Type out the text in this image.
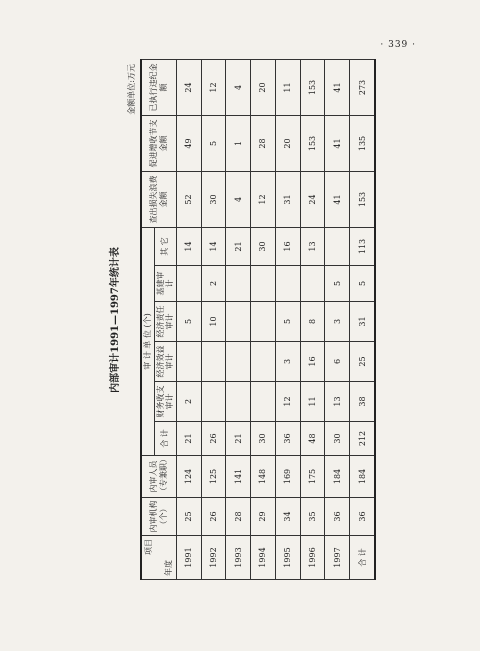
· 339 ·
内部审计1991—1997年统计表
金额单位:万元
项目
年度	内审机构（个）	内审人员（专兼职）	审 计 单 位 (个)						查出损失浪费金额	促进增收节支金额	已执行违纪金额
			合 计	财务收支审计	经济效益审计	经济责任审计	基建审计	其 它			
1991	25	124	21	2		5		14	52	49	24
1992	26	125	26			10	2	14	30	5	12
1993	28	141	21					21	4	1	4
1994	29	148	30					30	12	28	20
1995	34	169	36	12	3	5		16	31	20	11
1996	35	175	48	11	16	8		13	24	153	153
1997	36	184	30	13	6	3	5		41	41	41
合 计	36	184	212	38	25	31	5	113	153	135	273
